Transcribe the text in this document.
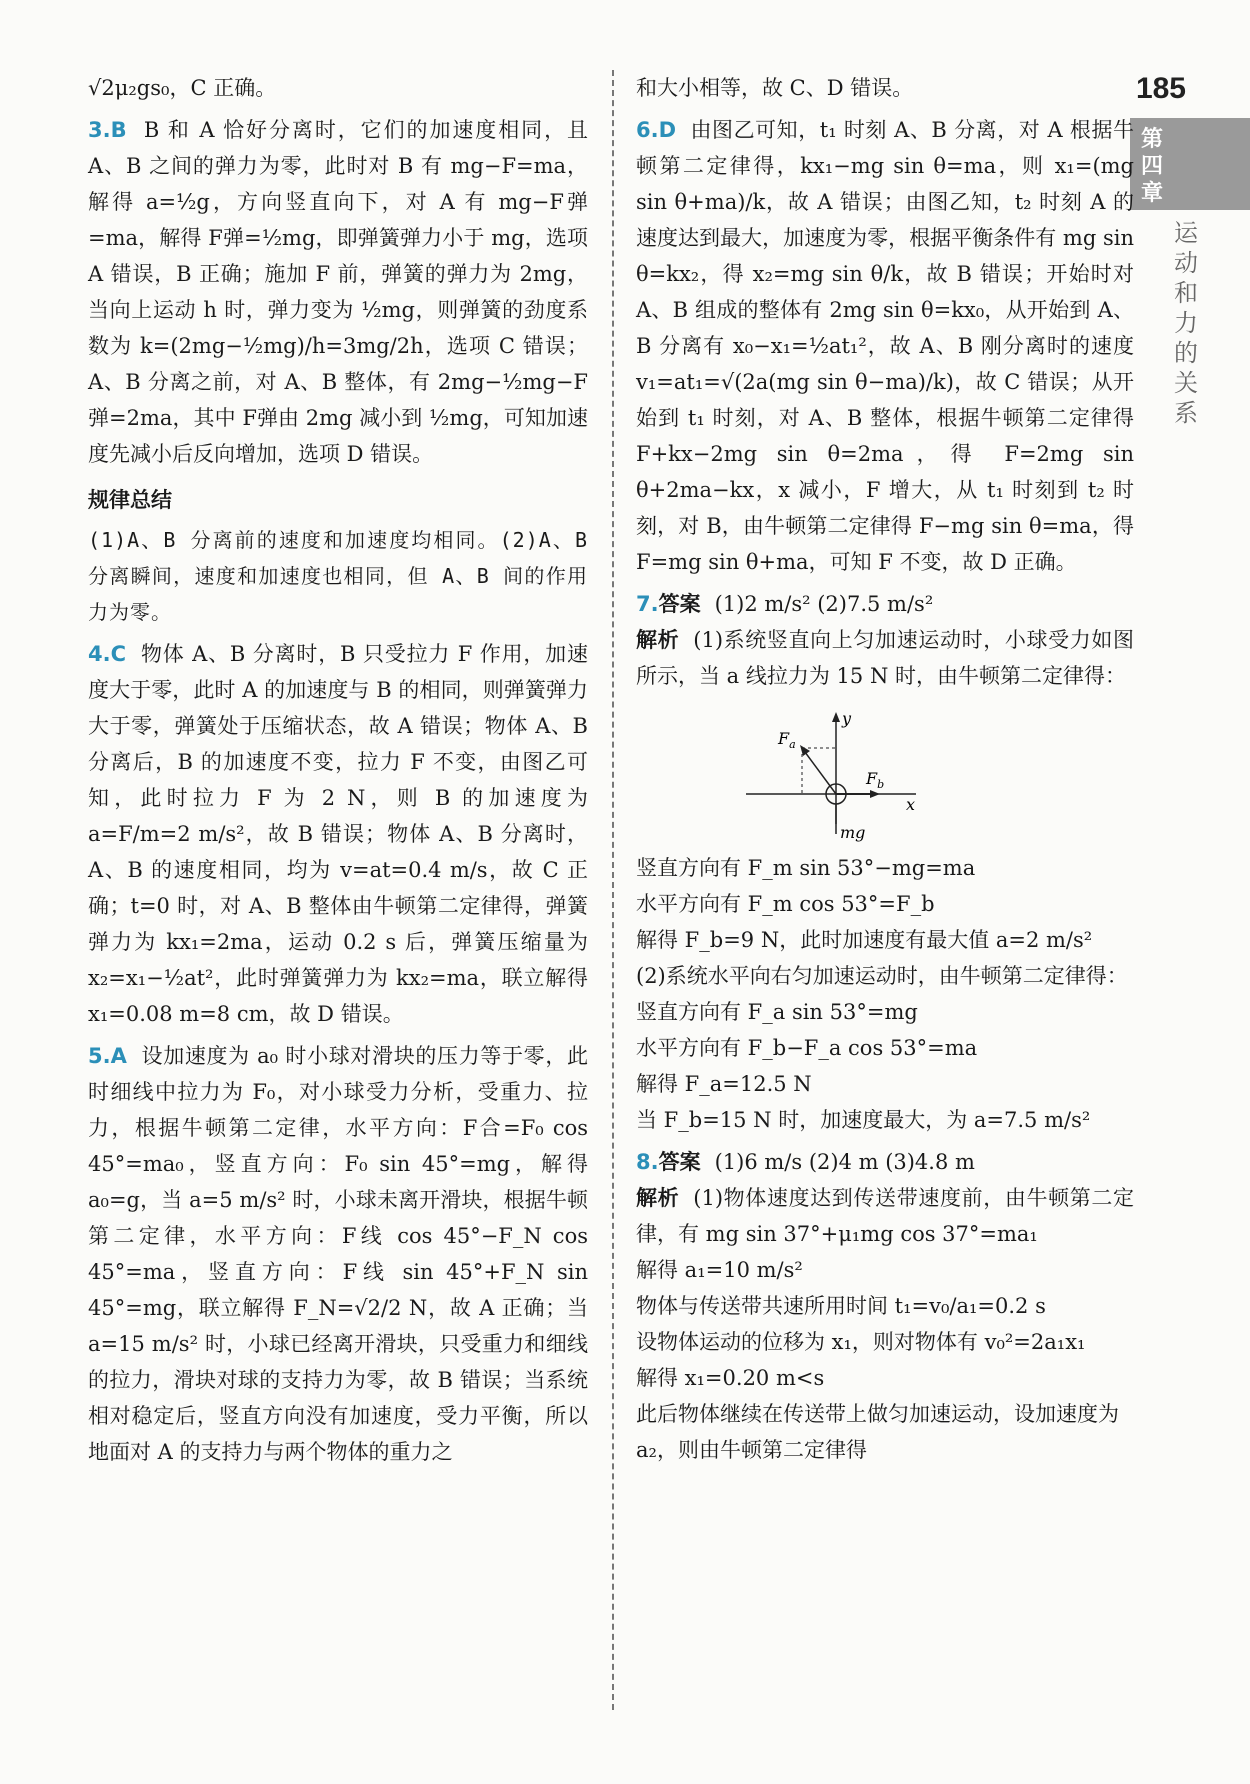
185
第四章
运动和力的关系

√2μ₂gs₀，C 正确。

3.B B 和 A 恰好分离时，它们的加速度相同，且 A、B 之间的弹力为零，此时对 B 有 mg−F=ma，解得 a=½g，方向竖直向下，对 A 有 mg−F弹=ma，解得 F弹=½mg，即弹簧弹力小于 mg，选项 A 错误，B 正确；施加 F 前，弹簧的弹力为 2mg，当向上运动 h 时，弹力变为 ½mg，则弹簧的劲度系数为 k=(2mg−½mg)/h=3mg/2h，选项 C 错误；A、B 分离之前，对 A、B 整体，有 2mg−½mg−F弹=2ma，其中 F弹由 2mg 减小到 ½mg，可知加速度先减小后反向增加，选项 D 错误。

规律总结

(1)A、B 分离前的速度和加速度均相同。(2)A、B 分离瞬间，速度和加速度也相同，但 A、B 间的作用力为零。

4.C 物体 A、B 分离时，B 只受拉力 F 作用，加速度大于零，此时 A 的加速度与 B 的相同，则弹簧弹力大于零，弹簧处于压缩状态，故 A 错误；物体 A、B 分离后，B 的加速度不变，拉力 F 不变，由图乙可知，此时拉力 F 为 2 N，则 B 的加速度为 a=F/m=2 m/s²，故 B 错误；物体 A、B 分离时，A、B 的速度相同，均为 v=at=0.4 m/s，故 C 正确；t=0 时，对 A、B 整体由牛顿第二定律得，弹簧弹力为 kx₁=2ma，运动 0.2 s 后，弹簧压缩量为 x₂=x₁−½at²，此时弹簧弹力为 kx₂=ma，联立解得 x₁=0.08 m=8 cm，故 D 错误。

5.A 设加速度为 a₀ 时小球对滑块的压力等于零，此时细线中拉力为 F₀，对小球受力分析，受重力、拉力，根据牛顿第二定律，水平方向：F合=F₀ cos 45°=ma₀，竖直方向：F₀ sin 45°=mg，解得 a₀=g，当 a=5 m/s² 时，小球未离开滑块，根据牛顿第二定律，水平方向：F线 cos 45°−F_N cos 45°=ma，竖直方向：F线 sin 45°+F_N sin 45°=mg，联立解得 F_N=√2/2 N，故 A 正确；当 a=15 m/s² 时，小球已经离开滑块，只受重力和细线的拉力，滑块对球的支持力为零，故 B 错误；当系统相对稳定后，竖直方向没有加速度，受力平衡，所以地面对 A 的支持力与两个物体的重力之

和大小相等，故 C、D 错误。

6.D 由图乙可知，t₁ 时刻 A、B 分离，对 A 根据牛顿第二定律得，kx₁−mg sin θ=ma，则 x₁=(mg sin θ+ma)/k，故 A 错误；由图乙知，t₂ 时刻 A 的速度达到最大，加速度为零，根据平衡条件有 mg sin θ=kx₂，得 x₂=mg sin θ/k，故 B 错误；开始时对 A、B 组成的整体有 2mg sin θ=kx₀，从开始到 A、B 分离有 x₀−x₁=½at₁²，故 A、B 刚分离时的速度 v₁=at₁=√(2a(mg sin θ−ma)/k)，故 C 错误；从开始到 t₁ 时刻，对 A、B 整体，根据牛顿第二定律得 F+kx−2mg sin θ=2ma，得 F=2mg sin θ+2ma−kx，x 减小，F 增大，从 t₁ 时刻到 t₂ 时刻，对 B，由牛顿第二定律得 F−mg sin θ=ma，得 F=mg sin θ+ma，可知 F 不变，故 D 正确。

7.答案 (1)2 m/s² (2)7.5 m/s²

解析 (1)系统竖直向上匀加速运动时，小球受力如图所示，当 a 线拉力为 15 N 时，由牛顿第二定律得：

$F_a$
$F_b$
y
x
mg
竖直方向有 F_m sin 53°−mg=ma
水平方向有 F_m cos 53°=F_b
解得 F_b=9 N，此时加速度有最大值 a=2 m/s²
(2)系统水平向右匀加速运动时，由牛顿第二定律得：
竖直方向有 F_a sin 53°=mg
水平方向有 F_b−F_a cos 53°=ma
解得 F_a=12.5 N
当 F_b=15 N 时，加速度最大，为 a=7.5 m/s²
8.答案 (1)6 m/s (2)4 m (3)4.8 m

解析 (1)物体速度达到传送带速度前，由牛顿第二定律，有 mg sin 37°+μ₁mg cos 37°=ma₁

解得 a₁=10 m/s²
物体与传送带共速所用时间 t₁=v₀/a₁=0.2 s
设物体运动的位移为 x₁，则对物体有 v₀²=2a₁x₁
解得 x₁=0.20 m<s
此后物体继续在传送带上做匀加速运动，设加速度为 a₂，则由牛顿第二定律得
